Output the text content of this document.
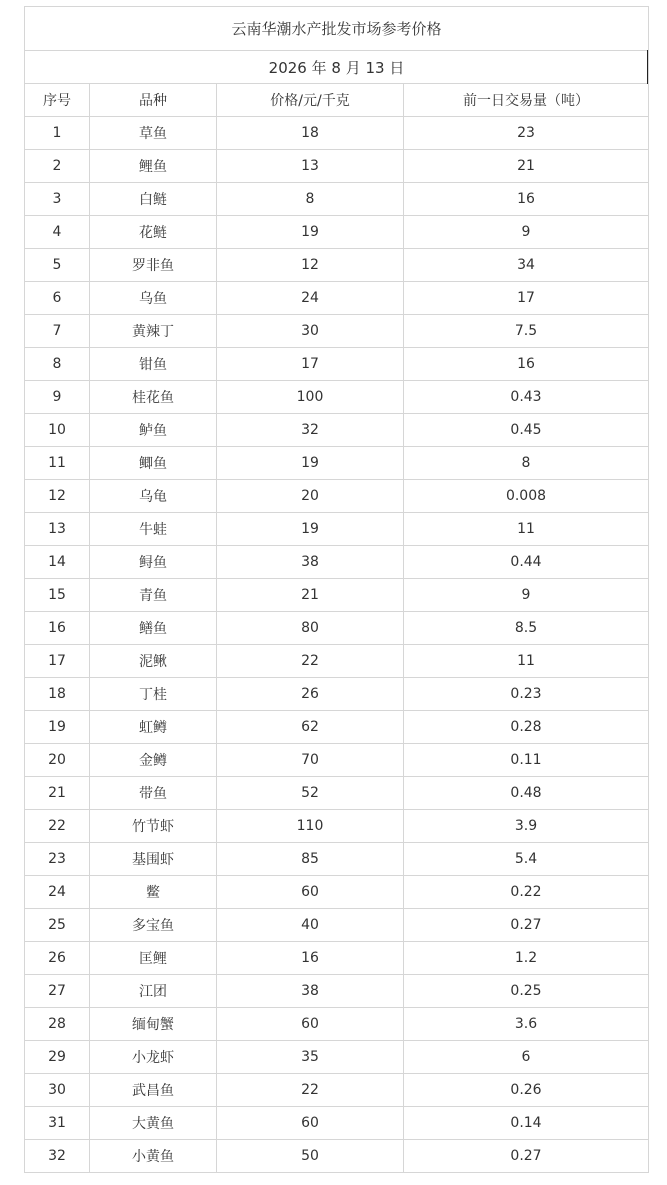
云南华潮水产批发市场参考价格			
2026 年 8 月 13 日			
序号	品种	价格/元/千克	前一日交易量（吨）
1	草鱼	18	23
2	鲤鱼	13	21
3	白鲢	8	16
4	花鲢	19	9
5	罗非鱼	12	34
6	乌鱼	24	17
7	黄辣丁	30	7.5
8	钳鱼	17	16
9	桂花鱼	100	0.43
10	鲈鱼	32	0.45
11	鲫鱼	19	8
12	乌龟	20	0.008
13	牛蛙	19	11
14	鲟鱼	38	0.44
15	青鱼	21	9
16	鳝鱼	80	8.5
17	泥鳅	22	11
18	丁桂	26	0.23
19	虹鳟	62	0.28
20	金鳟	70	0.11
21	带鱼	52	0.48
22	竹节虾	110	3.9
23	基围虾	85	5.4
24	鳖	60	0.22
25	多宝鱼	40	0.27
26	匡鲤	16	1.2
27	江团	38	0.25
28	缅甸蟹	60	3.6
29	小龙虾	35	6
30	武昌鱼	22	0.26
31	大黄鱼	60	0.14
32	小黄鱼	50	0.27
